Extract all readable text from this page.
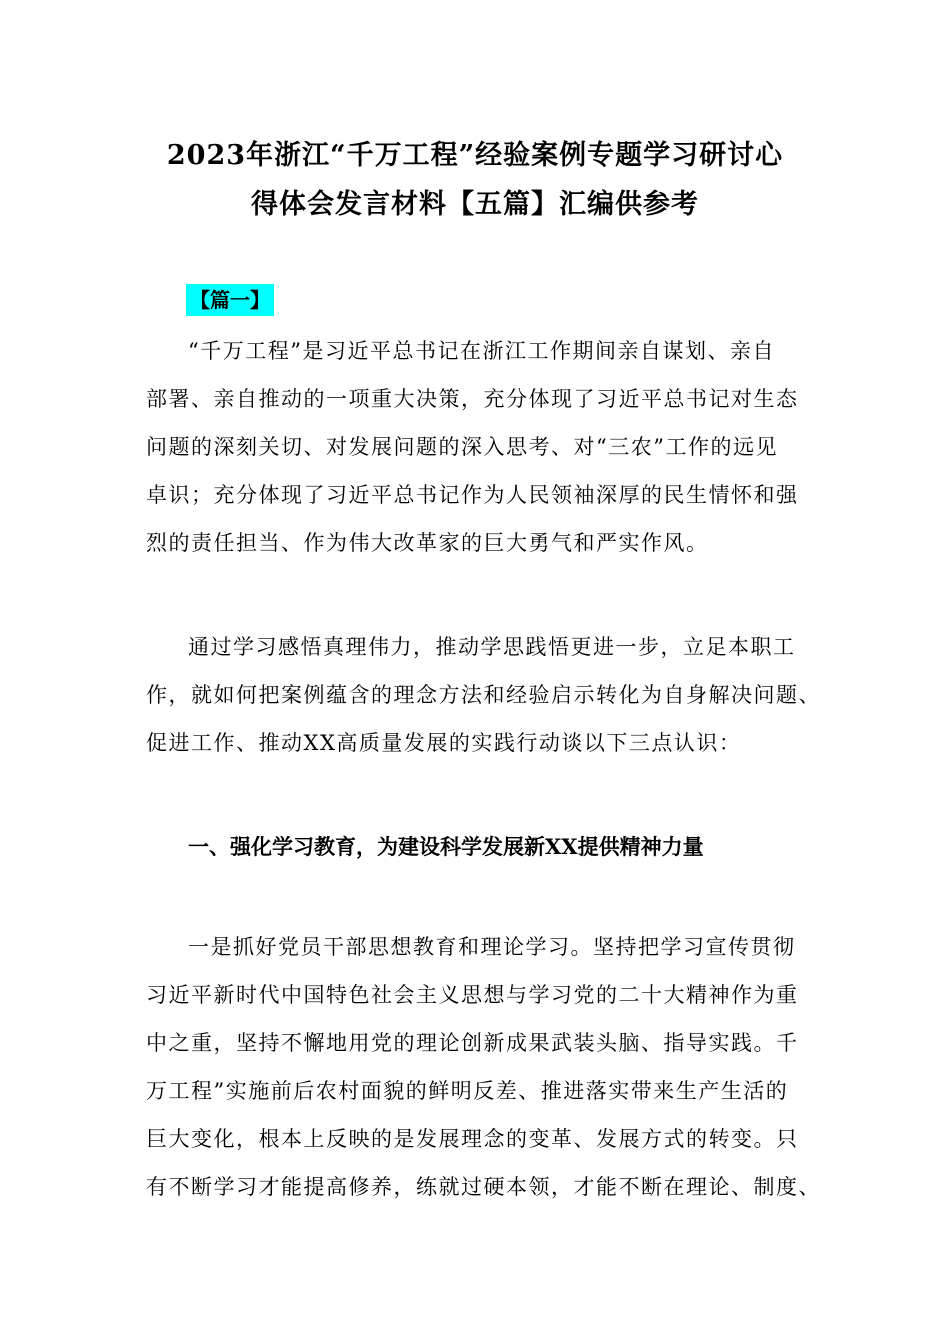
2023年浙江“千万工程”经验案例专题学习研讨心
得体会发言材料【五篇】汇编供参考
【篇一】
“千万工程”是习近平总书记在浙江工作期间亲自谋划、亲自
部署、亲自推动的一项重大决策，充分体现了习近平总书记对生态
问题的深刻关切、对发展问题的深入思考、对“三农”工作的远见
卓识；充分体现了习近平总书记作为人民领袖深厚的民生情怀和强
烈的责任担当、作为伟大改革家的巨大勇气和严实作风。
通过学习感悟真理伟力，推动学思践悟更进一步，立足本职工
作，就如何把案例蕴含的理念方法和经验启示转化为自身解决问题、
促进工作、推动XX高质量发展的实践行动谈以下三点认识：
一、强化学习教育，为建设科学发展新XX提供精神力量
一是抓好党员干部思想教育和理论学习。坚持把学习宣传贯彻
习近平新时代中国特色社会主义思想与学习党的二十大精神作为重
中之重，坚持不懈地用党的理论创新成果武装头脑、指导实践。千
万工程”实施前后农村面貌的鲜明反差、推进落实带来生产生活的
巨大变化，根本上反映的是发展理念的变革、发展方式的转变。只
有不断学习才能提高修养，练就过硬本领，才能不断在理论、制度、
